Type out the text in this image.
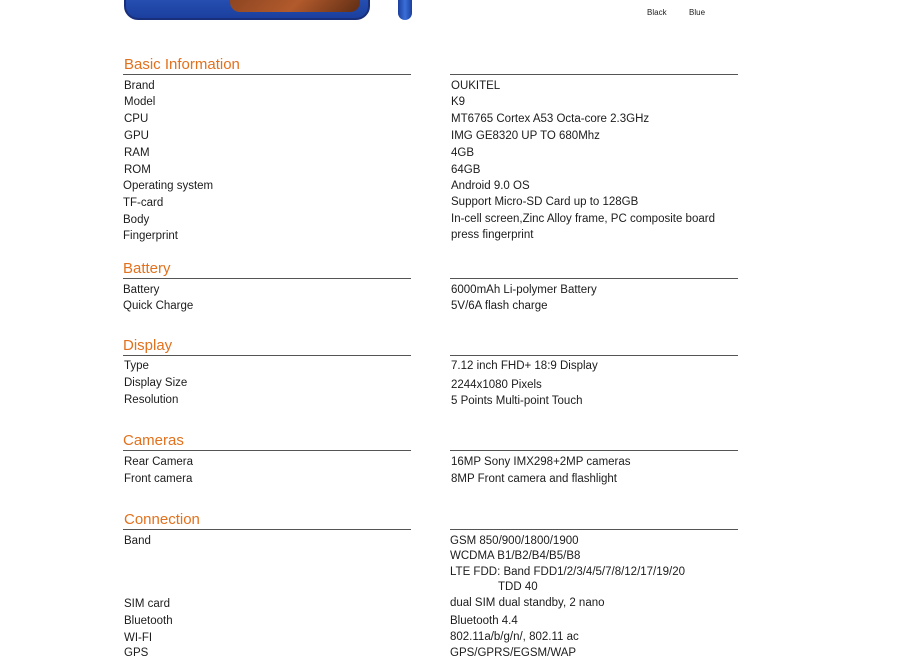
Black	Blue
Basic Information
Brand	OUKITEL
Model	K9
CPU	MT6765 Cortex A53 Octa-core 2.3GHz
GPU	IMG GE8320 UP TO 680Mhz
RAM	4GB
ROM	64GB
Operating system	Android 9.0 OS
TF-card	Support Micro-SD Card up to 128GB
Body	In-cell screen,Zinc Alloy frame, PC composite board
Fingerprint	press fingerprint
Battery
Battery	6000mAh Li-polymer Battery
Quick Charge	5V/6A flash charge
Display
Type	7.12 inch FHD+ 18:9 Display
Display Size	2244x1080 Pixels
Resolution	5 Points Multi-point Touch
Cameras
Rear Camera	16MP Sony IMX298+2MP cameras
Front camera	8MP Front camera and flashlight
Connection
Band	GSM 850/900/1800/1900
WCDMA B1/B2/B4/B5/B8
LTE FDD: Band FDD1/2/3/4/5/7/8/12/17/19/20
TDD 40
SIM card	dual SIM dual standby, 2 nano
Bluetooth	Bluetooth 4.4
WI-FI	802.11a/b/g/n/, 802.11 ac
GPS	GPS/GPRS/EGSM/WAP
